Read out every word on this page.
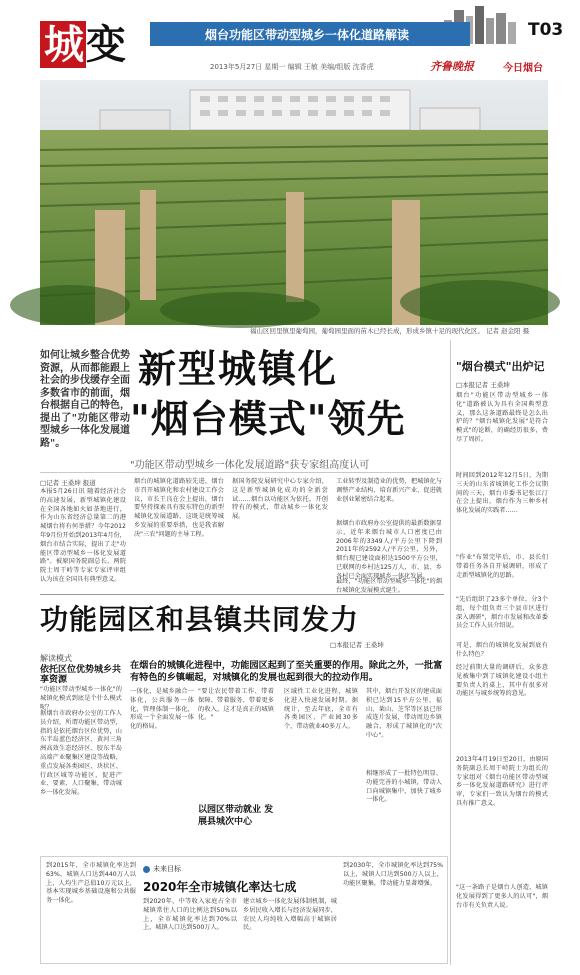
烟台功能区带动型城乡一体化道路解读
城 变	2013年5月27日 星期一 编辑 王敏 美编/组版 沈香虎	齐鲁晚报	今日烟台
T03
福山区回里镇里葡萄园，葡萄园里面的苗木已经长成，形成乡镇十足的现代化区。 记者 赵金阳 摄
如何让城乡整合优势资源，从而都能跟上社会的步伐缓存全面多数省市的前面，烟台根据自己的特色，提出了"功能区带动型城乡一体化发展道路"。
新型城镇化
"烟台模式"领先
"功能区带动型城乡一体化发展道路"获专家组高度认可
□记者 王桑坤 报道
本报5月26日讯 随着经济社会的高速发展，新型城镇化建设在全国各地如火如荼地进行，作为山东省经济总量第二的港城烟台将有何举措？今年2012年9月份开始到2013年4月份，烟台市结合实际，提出了走"功能区带动型城乡一体化发展道路"。被原国务院副总长、两院院士周干峙等专家专家评审组认为该在全国具有典型意义。
烟台的城镇化道路较先进，烟台市召开城镇化和农村建设工作会议，市长王良在会上提出，烟台要坚持探索具有胶东特色的新型城镇化发展道路，这既是统筹城乡发展的重要举措，也是我省解决"三农"问题的主导工程。
据国务院发展研究中心专家介绍，这是新型城镇化成功的全新尝试……烟台以功能区为依托，开创特有的模式，带动城乡一体化发展。
工业转型及制造业的优势，把城镇化与调整产业结构、培育新兴产业、促进就业创业紧密结合起来。
据烟台市政府办公室提供的最新数据显示，近年来烟台城市人口密度已由2006年的3349人/平方公里下降到2011年的2592人/平方公里，另外，烟台现已建设面积达1500平方公里，已联网的乡村达125万人，市、县、乡各村已全面实现城乡一体化发展。
最终，"功能区带动型城乡一体化"的烟台城镇化发展模式诞生。
"烟台模式"出炉记
□本报记者 王桑坤
烟台"功能区带动型城乡一体化"道路被认为具有全国典型意义，那么这条道路最终是怎么出炉的？"烟台城镇化发展"是符合模式"的论断，的确经历很多，费尽了周折。
时间回到2012年12月5日，为期三天的山东省城镇化工作会议期间的三天，烟台市委书记张江汀在会上提出，烟台作为三种乡村体化发展的实践者……
"作业"布置完毕后，市、县长们带着任务各自开展调研，形成了走新型城镇化的思路。
"先后组织了23多个单位、分3个组，每个组负责三个县市区进行深入调研"，烟台市发展和改革委员会工作人员介绍说。
可是，烟台的城镇化发展到底有什么特色？
经过前期大量的调研后，众多意见被集中到了城镇化建设小组主要负责人的桌上，其中有很多对功能区与城乡统筹的意见。
2013年4月19日至20日，由原国务院副总长周干峙院士为组长的专家组对《烟台功能区带动型城乡一体化发展道路研究》进行评审，专家们一致认为烟台的模式具有推广意义。
"这一条路子是烟台人创造，城镇化发展得到了更多人的认可"，烟台市有关负责人说。
功能园区和县镇共同发力
□本报记者 王桑坤
解读模式
依托区位优势城乡共享资源
在烟台的城镇化进程中，功能园区起到了至关重要的作用。除此之外，一批富有特色的乡镇崛起，对城镇化的发展也起到很大的拉动作用。
"功能区带动型城乡一体化"的城镇化模式到底是个什么模式呢？
据烟台市政府办公室的工作人员介绍，所谓功能区带动型，指的是依托烟台区位优势，山东半岛蓝色经济区、黄河三角洲高效生态经济区、胶东半岛高端产业聚集区建设等战略，重点发展各类园区、块状区、行政区城等功能区，促进产业、要素、人口聚集，带动城乡一体化发展。
一体化，是城乡融合一体化，公共服务一体化，管理体制一体化，形成一个全面发展一体化的格局。
"要让农民带着工作、带着保障、带着服务、带着更多的收入，这才是真正的城镇化。"
以园区带动就业 发展县城次中心
区域性工业化进程，城镇化进入快速发展时期。据统计，至去年底，全市有各类园区、产业园30多个，带动就业40多万人。
其中，烟台开发区的建成面积已达到15平方公里，福山、莱山、芝罘等区县已形成连片发展，带动周边乡镇融合，形成了城镇化的"次中心"。
相继形成了一批特色明显、功能完善的小城镇，带动人口向城镇集中，加快了城乡一体化。
未来目标
2020年全市城镇化率达七成
到2015年，全市城镇化率达到63%，城镇人口达到440万人以上，人均生产总值10万元以上，基本实现城乡基础设施和公共服务一体化。	到2020年，中等收入家庭占全市城镇常住人口的比例达到50%以上，全市城镇化率达到70%以上，城镇人口达到500万人。
建立城乡一体化发展体制机制，城乡居民收入增长与经济发展同步，农民人均纯收入增幅高于城镇居民。
到2030年，全市城镇化率达到75%以上，城镇人口达到500万人以上，功能区聚集，带动能力显著增强。
